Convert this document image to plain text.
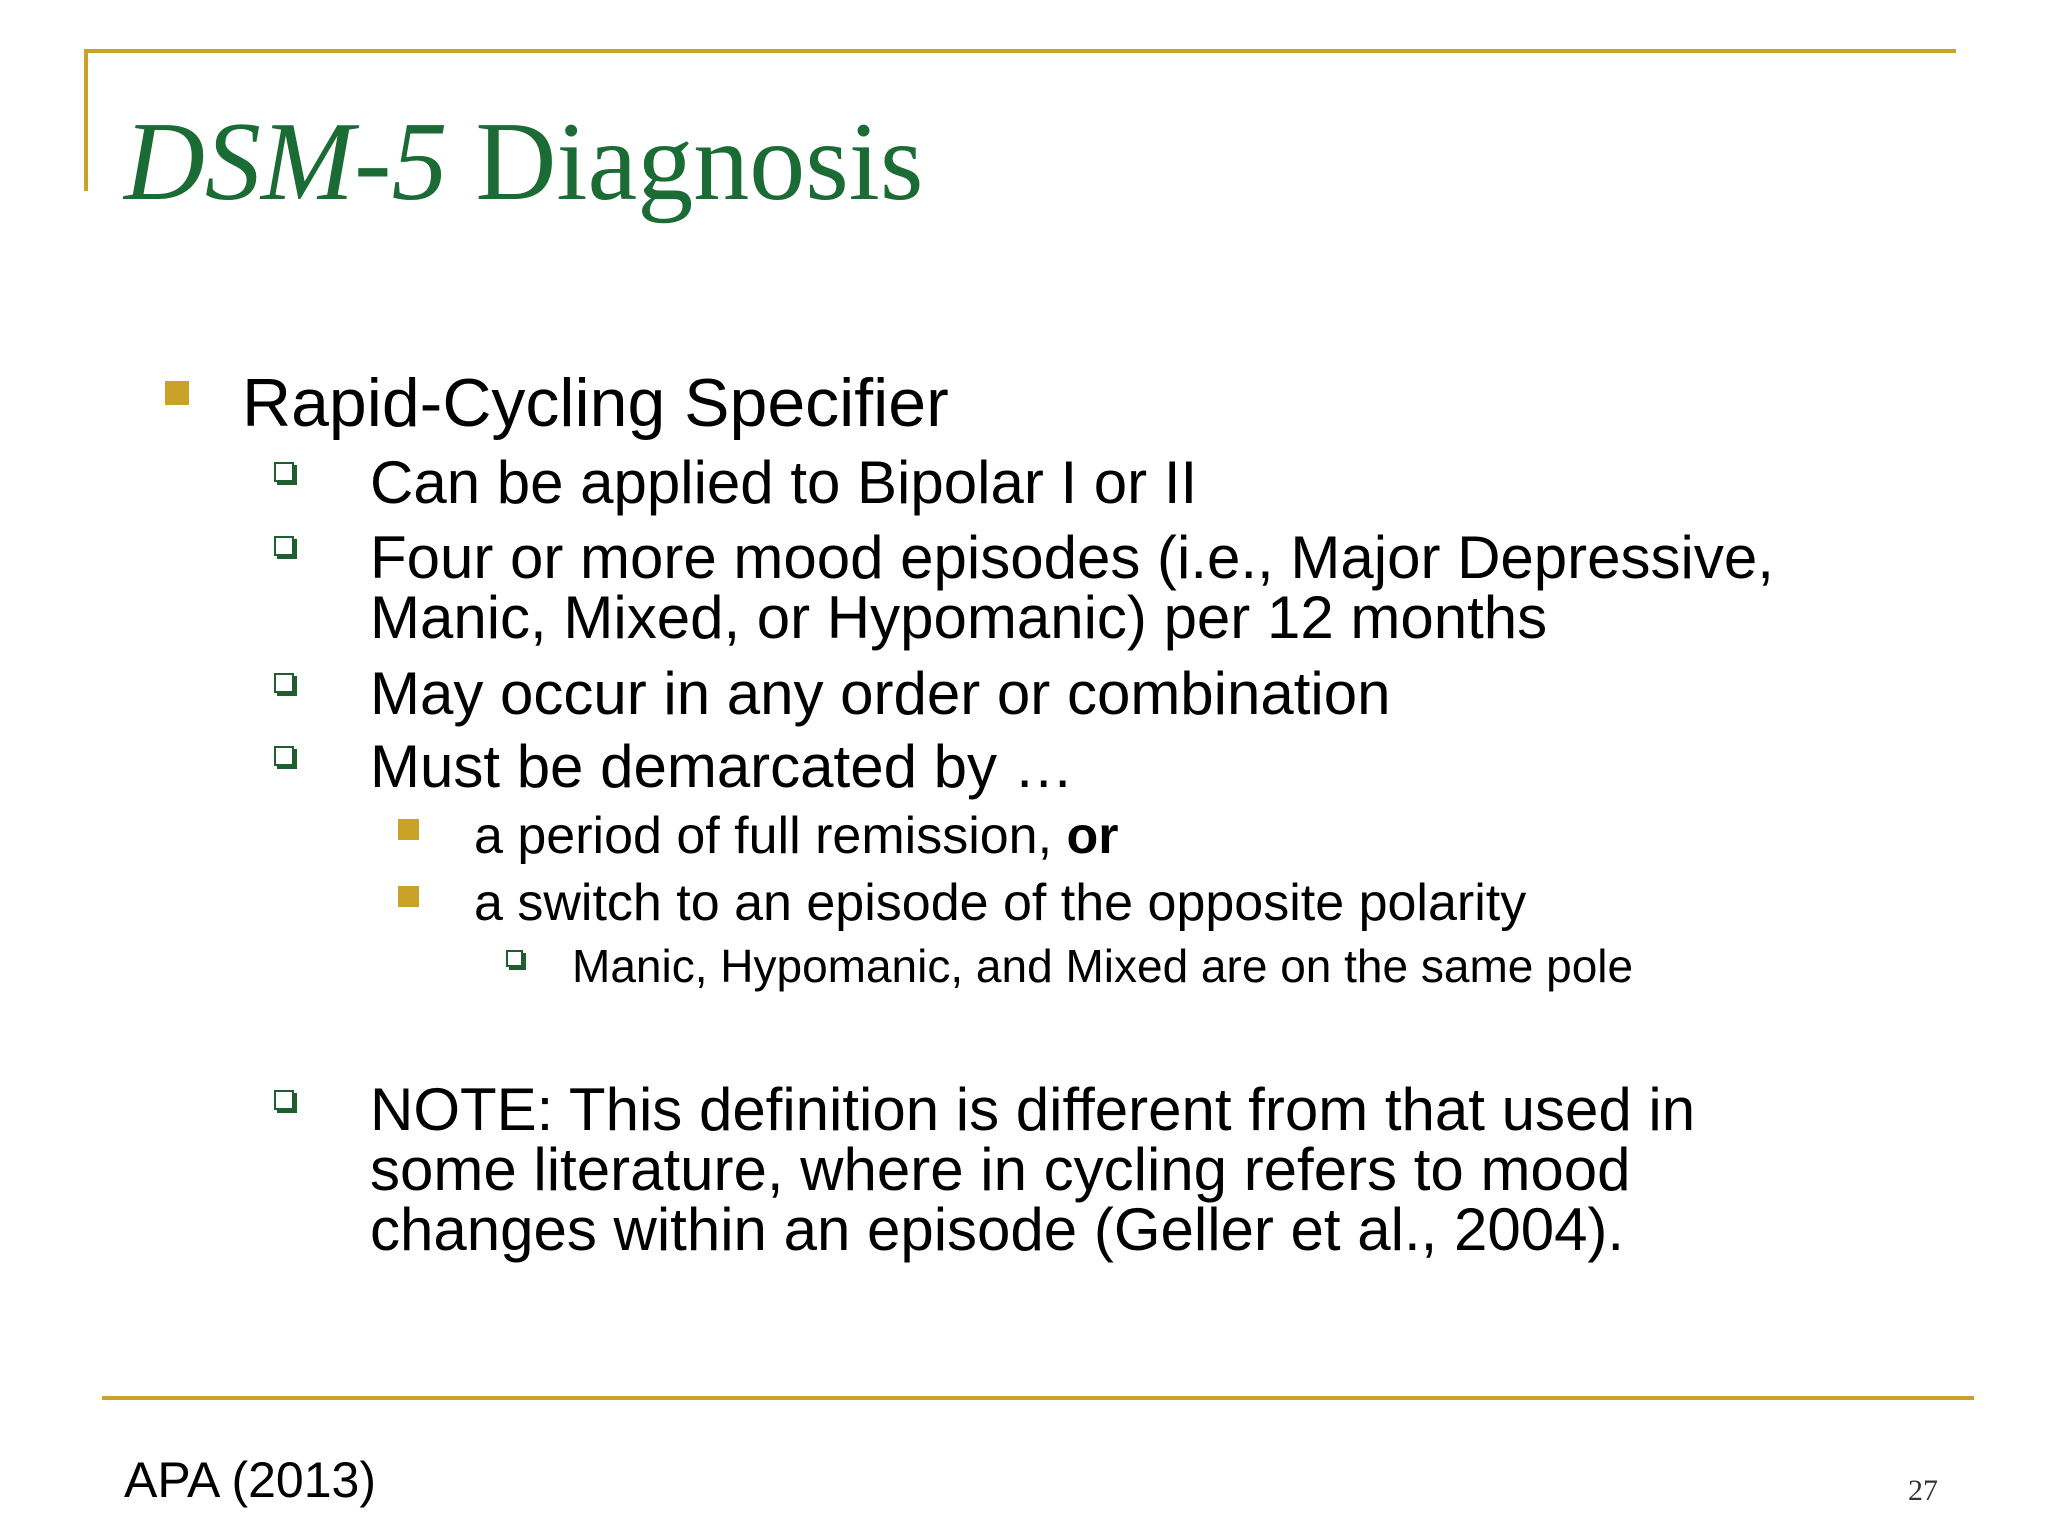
DSM-5 Diagnosis
Rapid-Cycling Specifier
Can be applied to Bipolar I or II
Four or more mood episodes (i.e., Major Depressive,
Manic, Mixed, or Hypomanic) per 12 months
May occur in any order or combination
Must be demarcated by …
a period of full remission, or
a switch to an episode of the opposite polarity
Manic, Hypomanic, and Mixed are on the same pole
NOTE: This definition is different from that used in
some literature, where in cycling refers to mood
changes within an episode (Geller et al., 2004).
APA (2013)	27
